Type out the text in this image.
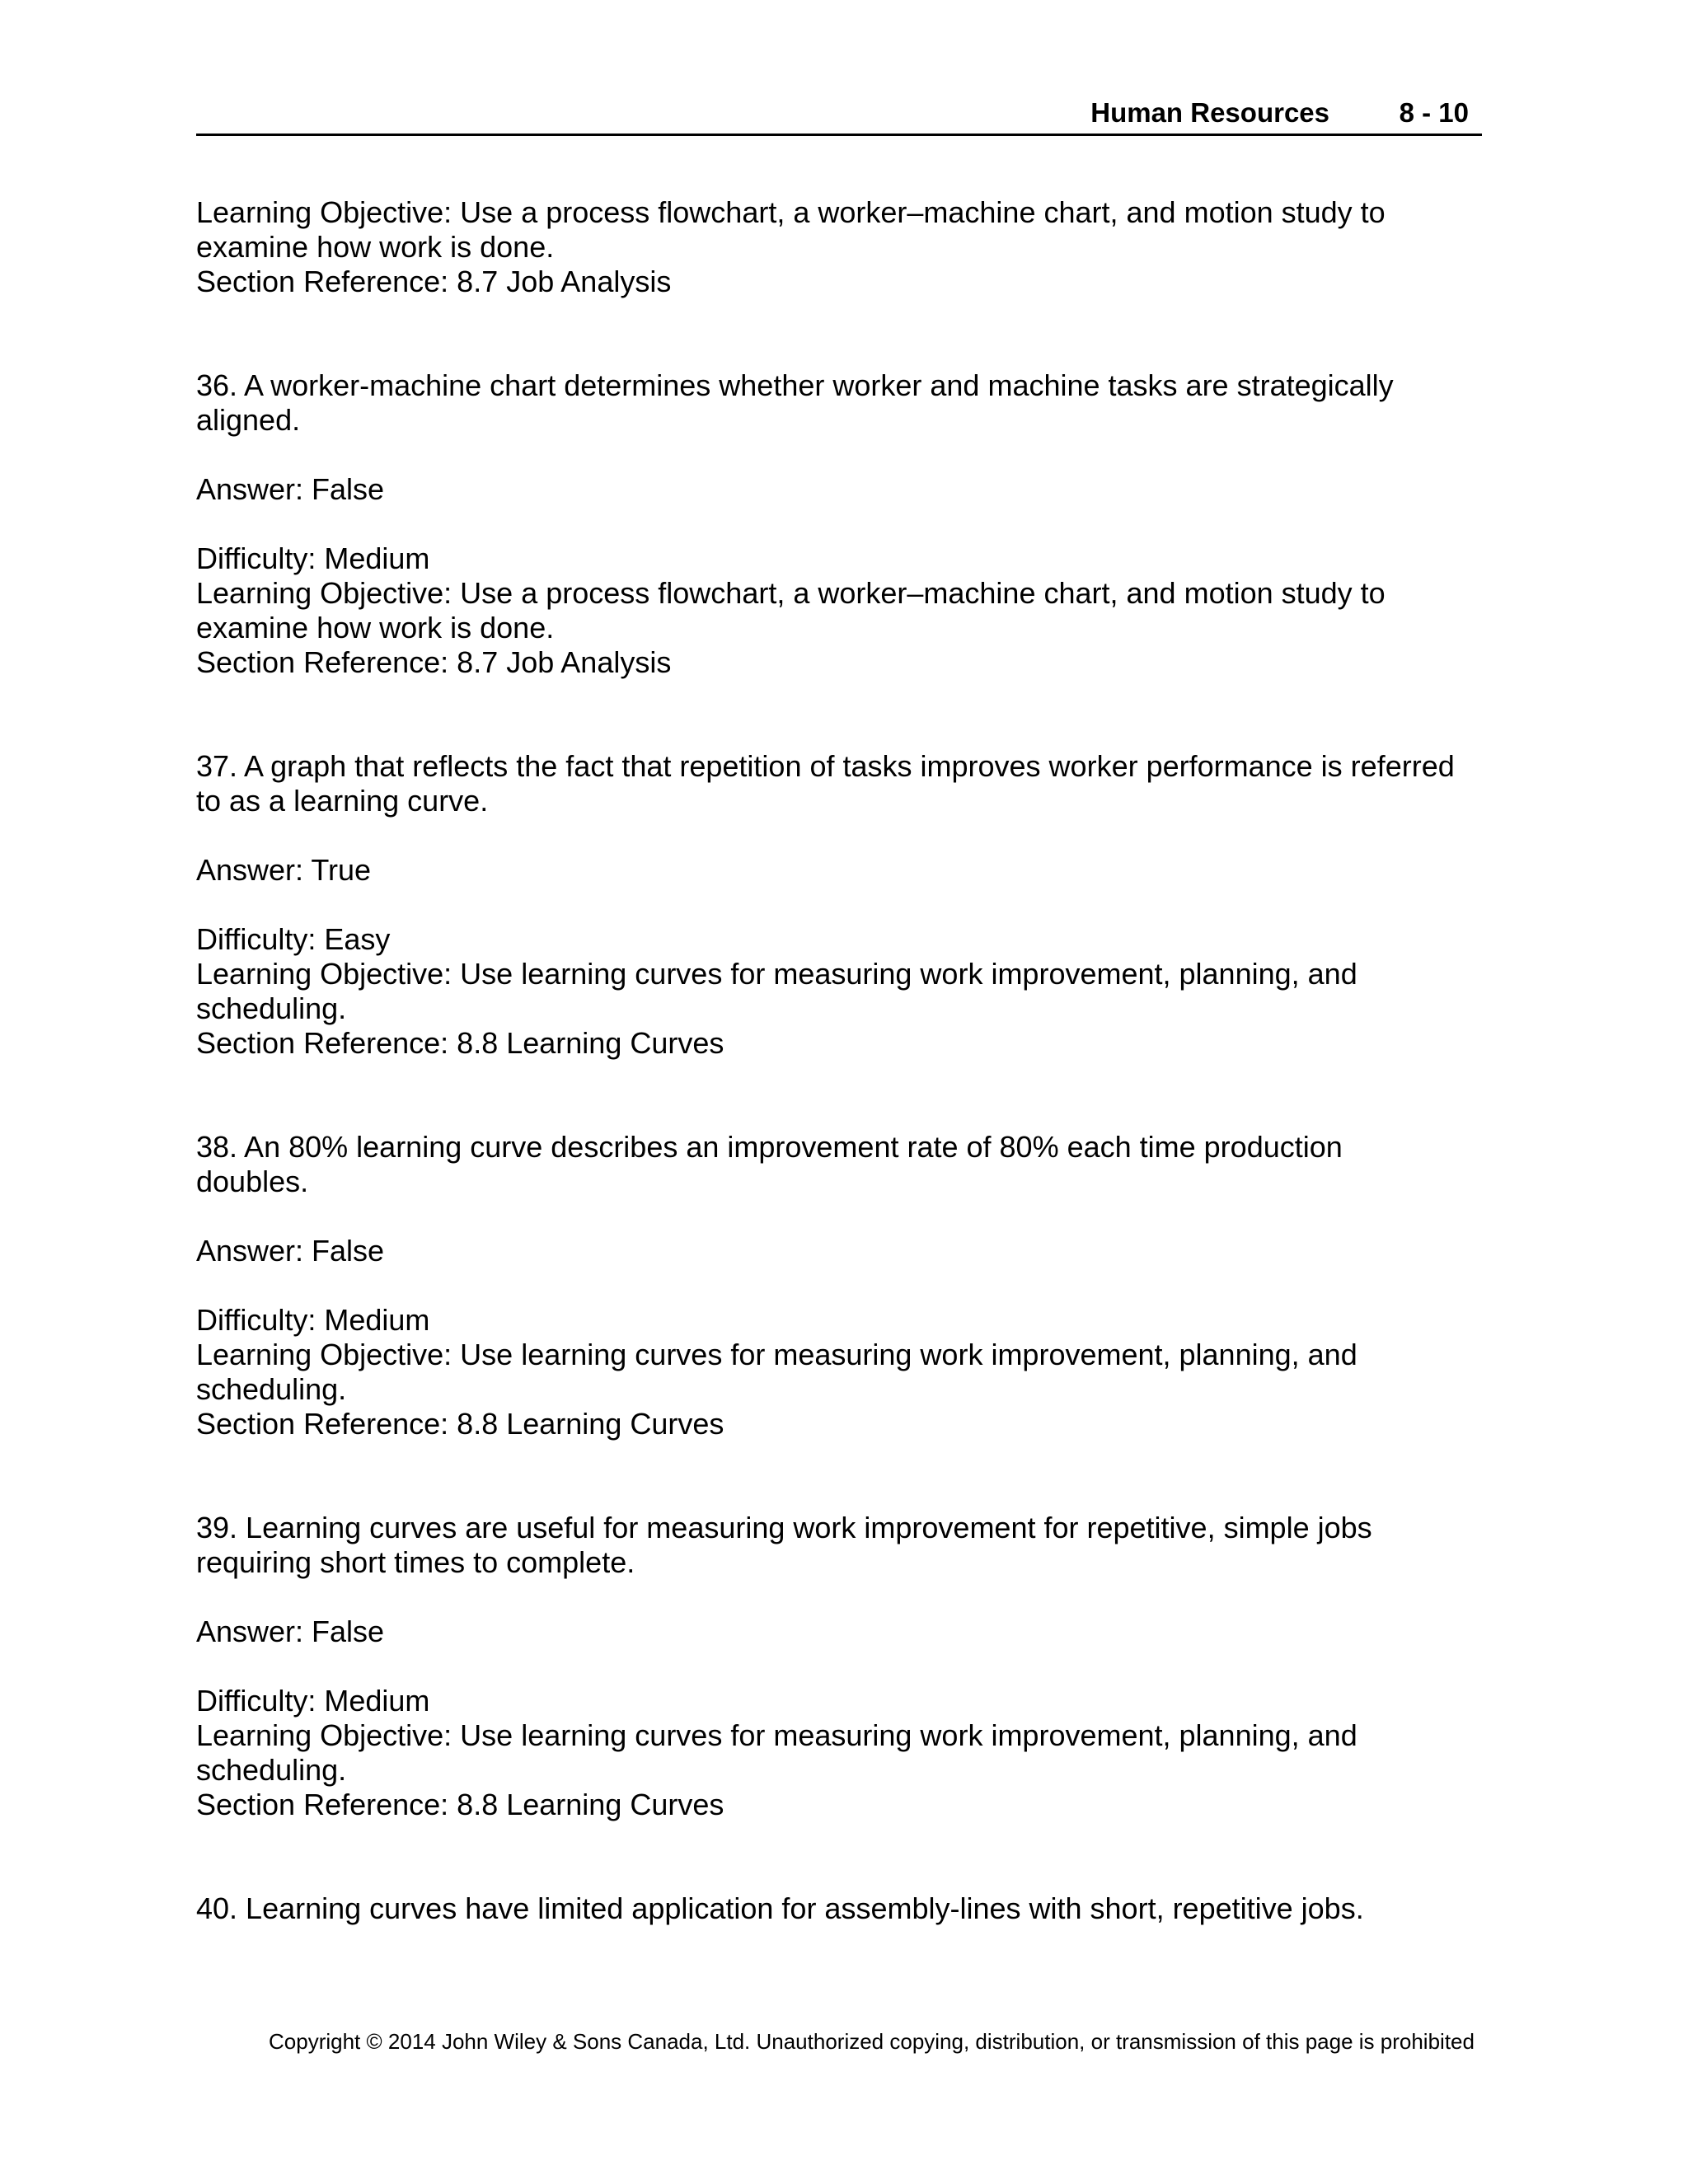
Human Resources	8 - 10
Learning Objective: Use a process flowchart, a worker–machine chart, and motion study to
examine how work is done.
Section Reference: 8.7 Job Analysis
36. A worker-machine chart determines whether worker and machine tasks are strategically
aligned.
Answer: False
Difficulty: Medium
Learning Objective: Use a process flowchart, a worker–machine chart, and motion study to
examine how work is done.
Section Reference: 8.7 Job Analysis
37. A graph that reflects the fact that repetition of tasks improves worker performance is referred
to as a learning curve.
Answer: True
Difficulty: Easy
Learning Objective: Use learning curves for measuring work improvement, planning, and
scheduling.
Section Reference: 8.8 Learning Curves
38. An 80% learning curve describes an improvement rate of 80% each time production
doubles.
Answer: False
Difficulty: Medium
Learning Objective: Use learning curves for measuring work improvement, planning, and
scheduling.
Section Reference: 8.8 Learning Curves
39. Learning curves are useful for measuring work improvement for repetitive, simple jobs
requiring short times to complete.
Answer: False
Difficulty: Medium
Learning Objective: Use learning curves for measuring work improvement, planning, and
scheduling.
Section Reference: 8.8 Learning Curves
40. Learning curves have limited application for assembly-lines with short, repetitive jobs.
Copyright © 2014 John Wiley & Sons Canada, Ltd. Unauthorized copying, distribution, or transmission of this page is prohibited
